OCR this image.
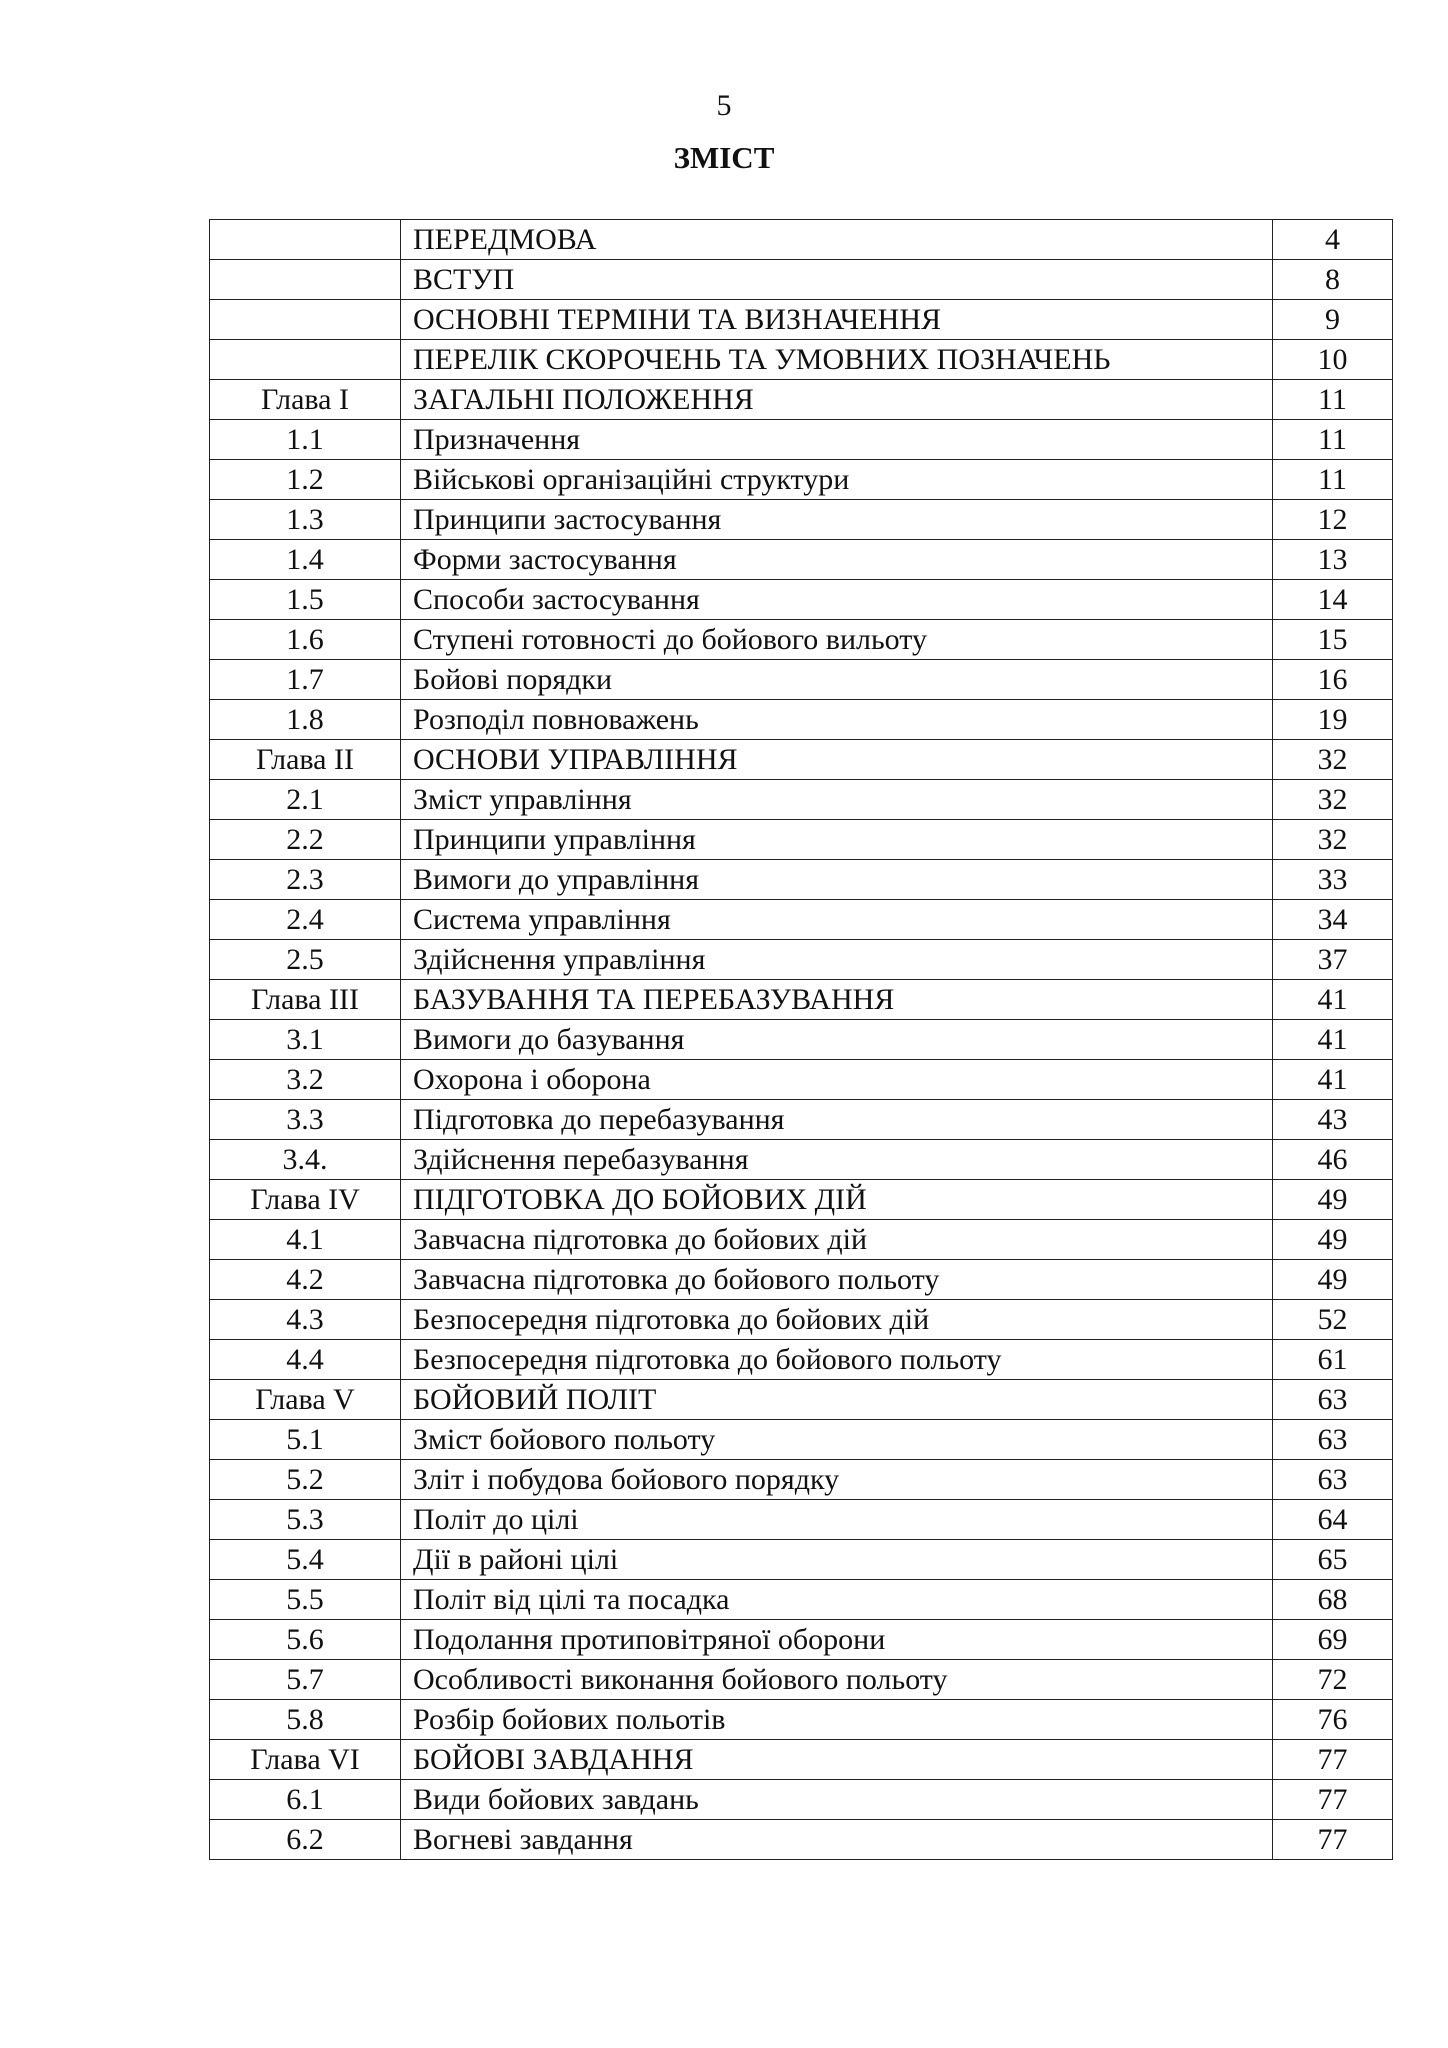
5
ЗМІСТ
	ПЕРЕДМОВА	4
	ВСТУП	8
	ОСНОВНІ ТЕРМІНИ ТА ВИЗНАЧЕННЯ	9
	ПЕРЕЛІК СКОРОЧЕНЬ ТА УМОВНИХ ПОЗНАЧЕНЬ	10
Глава І	ЗАГАЛЬНІ ПОЛОЖЕННЯ	11
1.1	Призначення	11
1.2	Військові організаційні структури	11
1.3	Принципи застосування	12
1.4	Форми застосування	13
1.5	Способи застосування	14
1.6	Ступені готовності до бойового вильоту	15
1.7	Бойові порядки	16
1.8	Розподіл повноважень	19
Глава ІІ	ОСНОВИ УПРАВЛІННЯ	32
2.1	Зміст управління	32
2.2	Принципи управління	32
2.3	Вимоги до управління	33
2.4	Система управління	34
2.5	Здійснення управління	37
Глава ІІІ	БАЗУВАННЯ ТА ПЕРЕБАЗУВАННЯ	41
3.1	Вимоги до базування	41
3.2	Охорона і оборона	41
3.3	Підготовка до перебазування	43
3.4.	Здійснення перебазування	46
Глава IV	ПІДГОТОВКА ДО БОЙОВИХ ДІЙ	49
4.1	Завчасна підготовка до бойових дій	49
4.2	Завчасна підготовка до бойового польоту	49
4.3	Безпосередня підготовка до бойових дій	52
4.4	Безпосередня підготовка до бойового польоту	61
Глава V	БОЙОВИЙ ПОЛІТ	63
5.1	Зміст бойового польоту	63
5.2	Зліт і побудова бойового порядку	63
5.3	Політ до цілі	64
5.4	Дії в районі цілі	65
5.5	Політ від цілі та посадка	68
5.6	Подолання протиповітряної оборони	69
5.7	Особливості виконання бойового польоту	72
5.8	Розбір бойових польотів	76
Глава VI	БОЙОВІ ЗАВДАННЯ	77
6.1	Види бойових завдань	77
6.2	Вогневі завдання	77
